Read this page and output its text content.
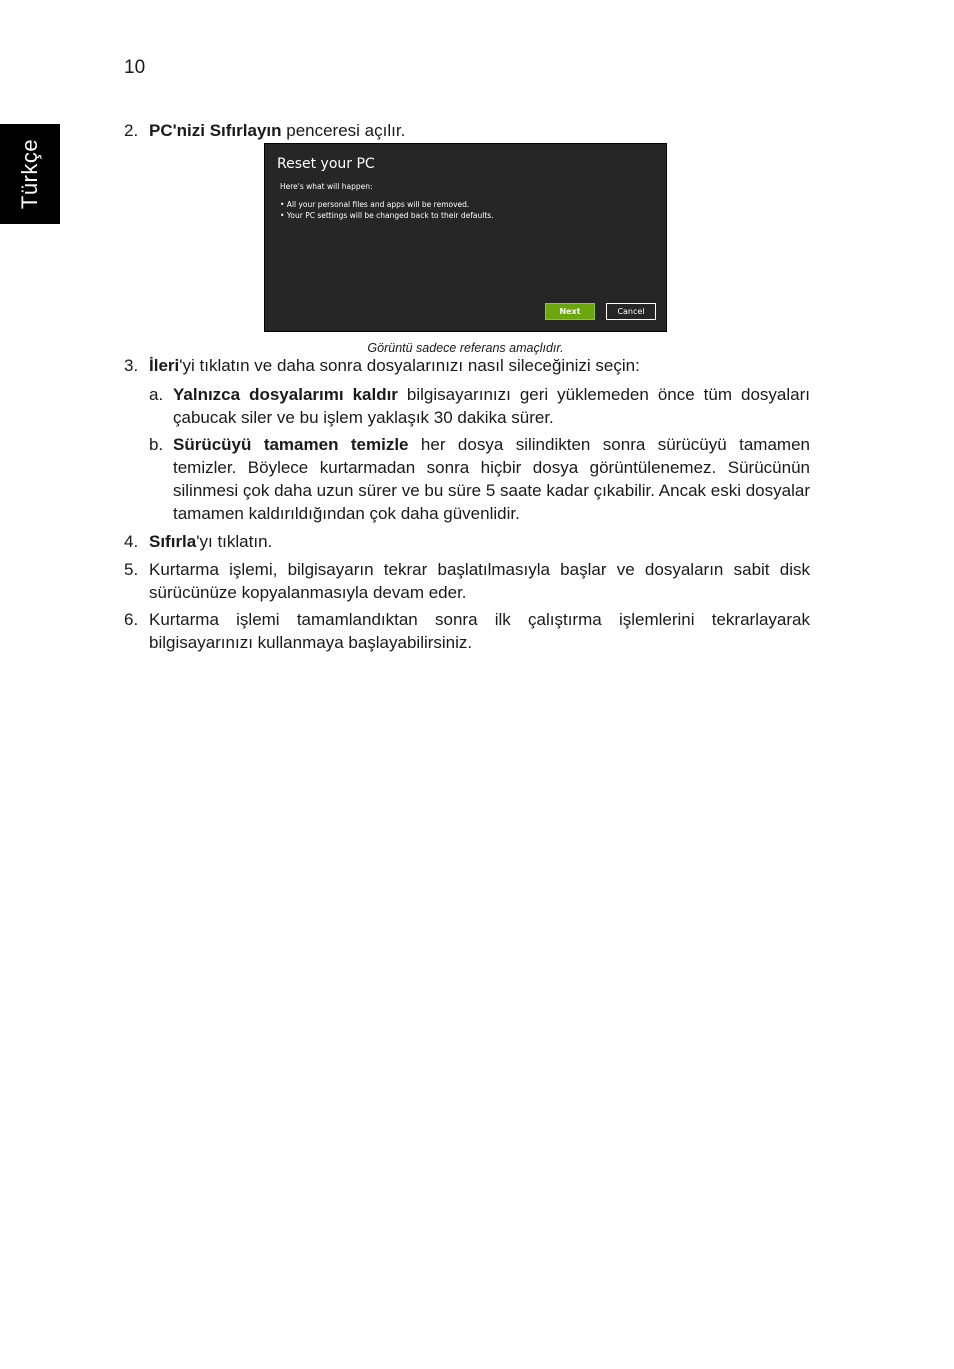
10
Türkçe
2. PC'nizi Sıfırlayın penceresi açılır.
Reset your PC
Here's what will happen:
• All your personal files and apps will be removed.
• Your PC settings will be changed back to their defaults.
Next	Cancel
Görüntü sadece referans amaçlıdır.
3. İleri'yi tıklatın ve daha sonra dosyalarınızı nasıl sileceğinizi seçin:
a. Yalnızca dosyalarımı kaldır bilgisayarınızı geri yüklemeden önce tüm dosyaları çabucak siler ve bu işlem yaklaşık 30 dakika sürer.
b. Sürücüyü tamamen temizle her dosya silindikten sonra sürücüyü tamamen temizler. Böylece kurtarmadan sonra hiçbir dosya görüntülenemez. Sürücünün silinmesi çok daha uzun sürer ve bu süre 5 saate kadar çıkabilir. Ancak eski dosyalar tamamen kaldırıldığından çok daha güvenlidir.
4. Sıfırla'yı tıklatın.
5. Kurtarma işlemi, bilgisayarın tekrar başlatılmasıyla başlar ve dosyaların sabit disk sürücünüze kopyalanmasıyla devam eder.
6. Kurtarma işlemi tamamlandıktan sonra ilk çalıştırma işlemlerini tekrarlayarak bilgisayarınızı kullanmaya başlayabilirsiniz.
